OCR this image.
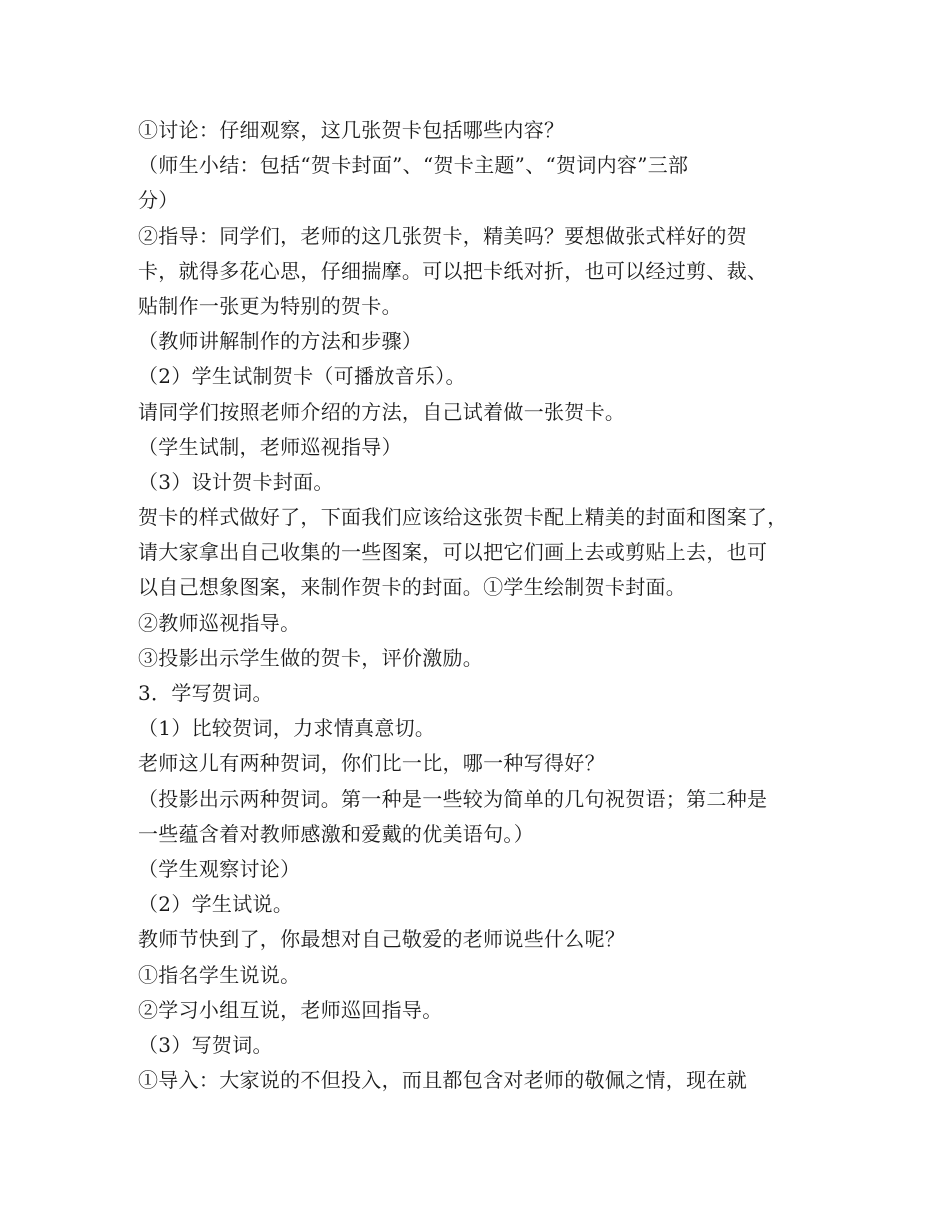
①讨论：仔细观察，这几张贺卡包括哪些内容？
（师生小结：包括“贺卡封面”、“贺卡主题”、“贺词内容”三部
分）
②指导：同学们，老师的这几张贺卡，精美吗？要想做张式样好的贺
卡，就得多花心思，仔细揣摩。可以把卡纸对折，也可以经过剪、裁、
贴制作一张更为特别的贺卡。
（教师讲解制作的方法和步骤）
（2）学生试制贺卡（可播放音乐）。
请同学们按照老师介绍的方法，自己试着做一张贺卡。
（学生试制，老师巡视指导）
（3）设计贺卡封面。
贺卡的样式做好了，下面我们应该给这张贺卡配上精美的封面和图案了，
请大家拿出自己收集的一些图案，可以把它们画上去或剪贴上去，也可
以自己想象图案，来制作贺卡的封面。①学生绘制贺卡封面。
②教师巡视指导。
③投影出示学生做的贺卡，评价激励。
3．学写贺词。
（1）比较贺词，力求情真意切。
老师这儿有两种贺词，你们比一比，哪一种写得好？
（投影出示两种贺词。第一种是一些较为简单的几句祝贺语；第二种是
一些蕴含着对教师感激和爱戴的优美语句。）
（学生观察讨论）
（2）学生试说。
教师节快到了，你最想对自己敬爱的老师说些什么呢？
①指名学生说说。
②学习小组互说，老师巡回指导。
（3）写贺词。
①导入：大家说的不但投入，而且都包含对老师的敬佩之情，现在就
